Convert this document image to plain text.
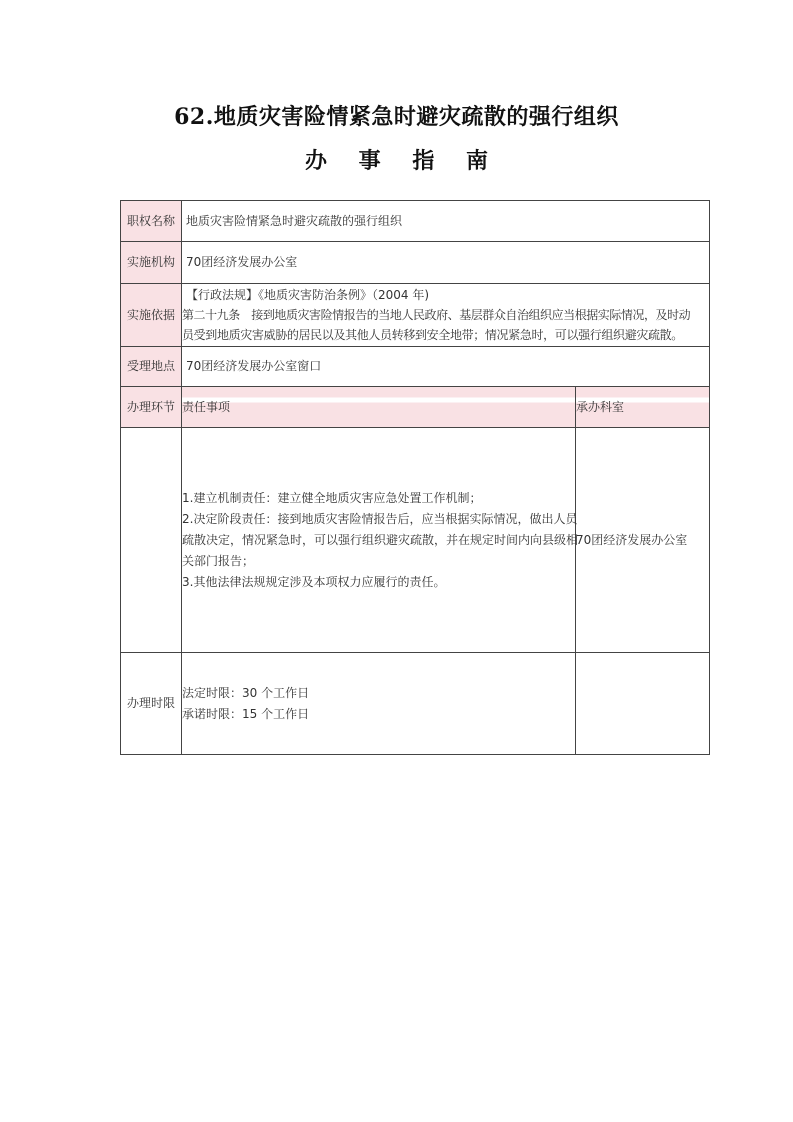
62.地质灾害险情紧急时避灾疏散的强行组织
办 事 指 南
职权名称	地质灾害险情紧急时避灾疏散的强行组织	
实施机构	70团经济发展办公室	
实施依据	【行政法规】《地质灾害防治条例》（2004 年)
第二十九条　接到地质灾害险情报告的当地人民政府、基层群众自治组织应当根据实际情况，及时动
员受到地质灾害威胁的居民以及其他人员转移到安全地带；情况紧急时，可以强行组织避灾疏散。	

受理地点	70团经济发展办公室窗口	
办理环节	责任事项	承办科室

	1.建立机制责任：建立健全地质灾害应急处置工作机制；
2.决定阶段责任：接到地质灾害险情报告后，应当根据实际情况，做出人员
疏散决定，情况紧急时，可以强行组织避灾疏散，并在规定时间内向县级相
关部门报告；
3.其他法律法规规定涉及本项权力应履行的责任。	70团经济发展办公室
办理时限	法定时限：30 个工作日
承诺时限：15 个工作日	
